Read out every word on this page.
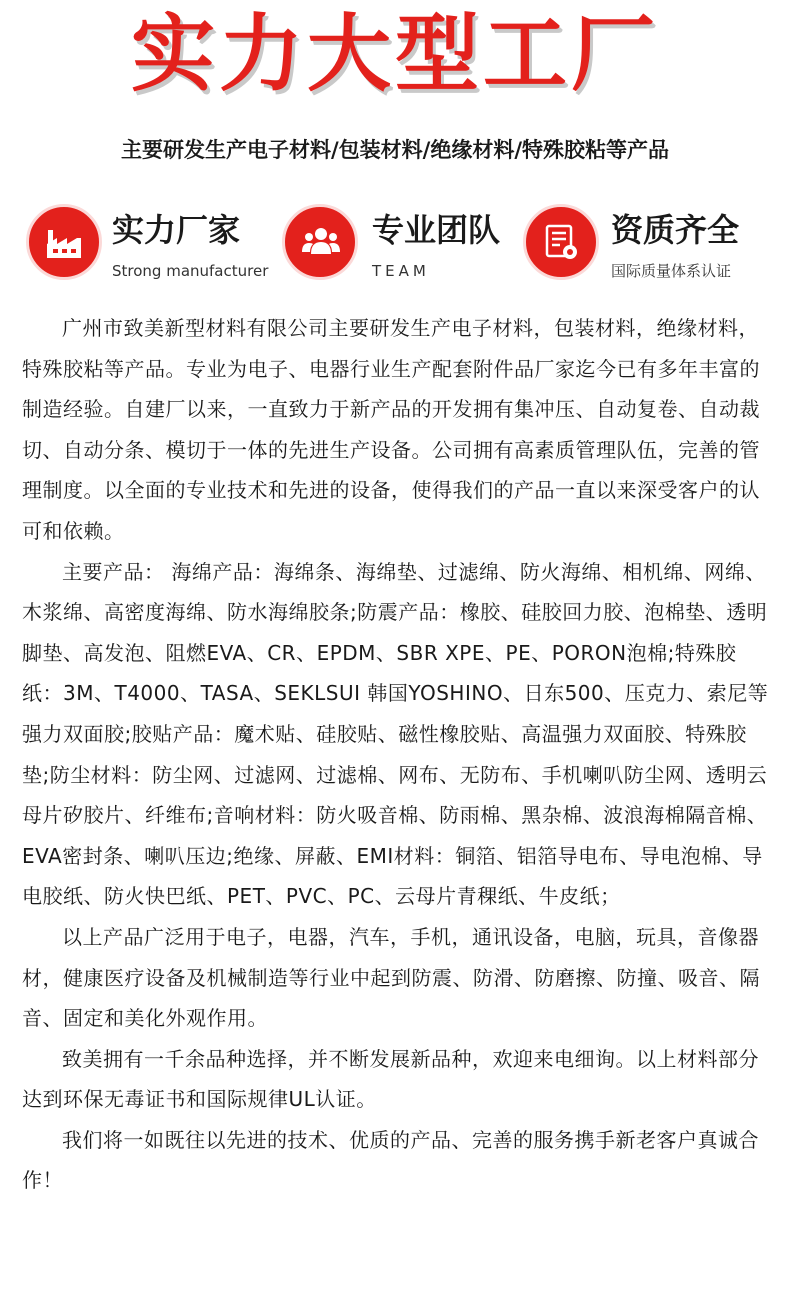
实力大型工厂
主要研发生产电子材料/包装材料/绝缘材料/特殊胶粘等产品
实力厂家
Strong manufacturer
专业团队
TEAM
资质齐全
国际质量体系认证

广州市致美新型材料有限公司主要研发生产电子材料，包装材料，绝缘材料，特殊胶粘等产品。专业为电子、电器行业生产配套附件品厂家迄今已有多年丰富的制造经验。自建厂以来，一直致力于新产品的开发拥有集冲压、自动复卷、自动裁切、自动分条、模切于一体的先进生产设备。公司拥有高素质管理队伍，完善的管理制度。以全面的专业技术和先进的设备，使得我们的产品一直以来深受客户的认可和依赖。

主要产品： 海绵产品：海绵条、海绵垫、过滤绵、防火海绵、相机绵、网绵、木浆绵、高密度海绵、防水海绵胶条;防震产品：橡胶、硅胶回力胶、泡棉垫、透明脚垫、高发泡、阻燃EVA、CR、EPDM、SBR XPE、PE、PORON泡棉;特殊胶纸：3M、T4000、TASA、SEKLSUI 韩国YOSHINO、日东500、压克力、索尼等强力双面胶;胶贴产品：魔术贴、硅胶贴、磁性橡胶贴、高温强力双面胶、特殊胶垫;防尘材料：防尘网、过滤网、过滤棉、网布、无防布、手机喇叭防尘网、透明云母片矽胶片、纤维布;音响材料：防火吸音棉、防雨棉、黑杂棉、波浪海棉隔音棉、EVA密封条、喇叭压边;绝缘、屏蔽、EMI材料：铜箔、铝箔导电布、导电泡棉、导电胶纸、防火快巴纸、PET、PVC、PC、云母片青稞纸、牛皮纸；

以上产品广泛用于电子，电器，汽车，手机，通讯设备，电脑，玩具，音像器材，健康医疗设备及机械制造等行业中起到防震、防滑、防磨擦、防撞、吸音、隔音、固定和美化外观作用。

致美拥有一千余品种选择，并不断发展新品种，欢迎来电细询。以上材料部分达到环保无毒证书和国际规律UL认证。

我们将一如既往以先进的技术、优质的产品、完善的服务携手新老客户真诚合作！
